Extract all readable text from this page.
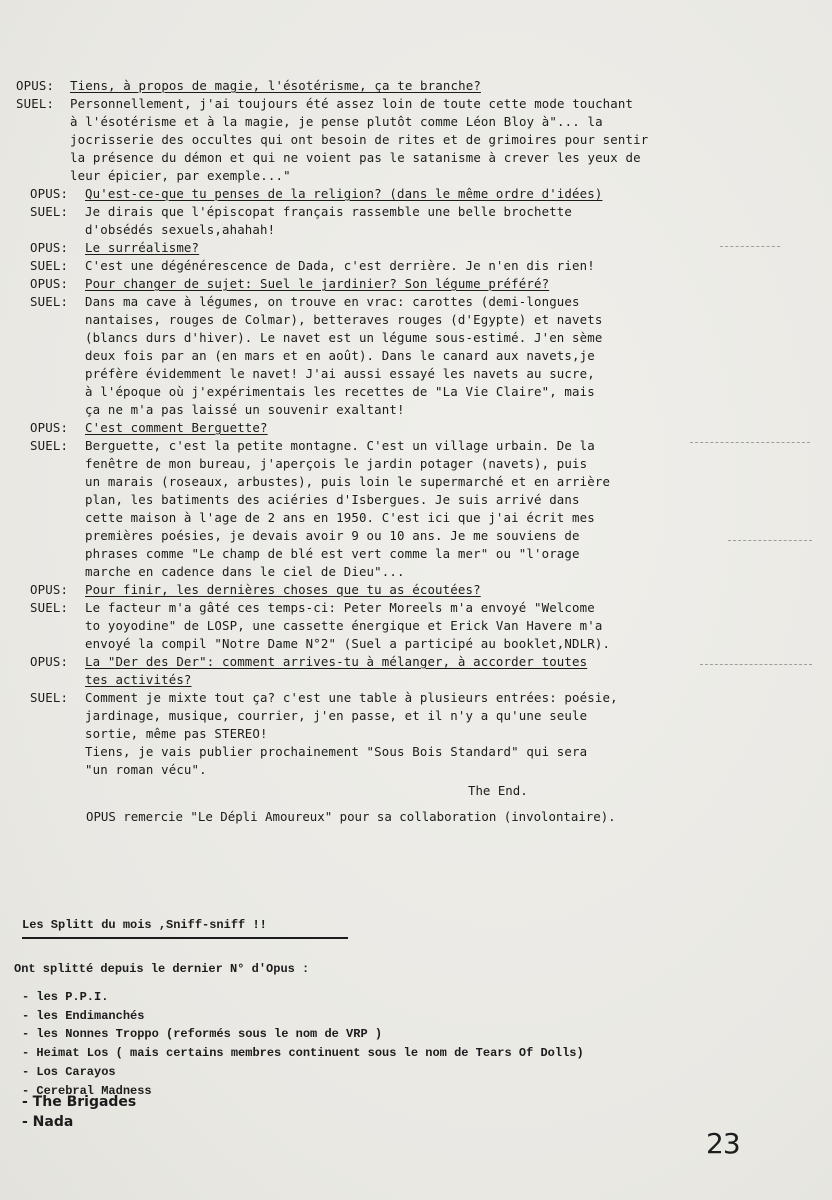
OPUS: Tiens, à propos de magie, l'ésotérisme, ça te branche?
SUEL: Personnellement, j'ai toujours été assez loin de toute cette mode touchant
à l'ésotérisme et à la magie, je pense plutôt comme Léon Bloy à"... la
jocrisserie des occultes qui ont besoin de rites et de grimoires pour sentir
la présence du démon et qui ne voient pas le satanisme à crever les yeux de
leur épicier, par exemple..."
OPUS: Qu'est-ce-que tu penses de la religion? (dans le même ordre d'idées)
SUEL: Je dirais que l'épiscopat français rassemble une belle brochette
d'obsédés sexuels,ahahah!
OPUS: Le surréalisme?
SUEL: C'est une dégénérescence de Dada, c'est derrière. Je n'en dis rien!
OPUS: Pour changer de sujet: Suel le jardinier? Son légume préféré?
SUEL: Dans ma cave à légumes, on trouve en vrac: carottes (demi-longues
nantaises, rouges de Colmar), betteraves rouges (d'Egypte) et navets
(blancs durs d'hiver). Le navet est un légume sous-estimé. J'en sème
deux fois par an (en mars et en août). Dans le canard aux navets,je
préfère évidemment le navet! J'ai aussi essayé les navets au sucre,
à l'époque où j'expérimentais les recettes de "La Vie Claire", mais
ça ne m'a pas laissé un souvenir exaltant!
OPUS: C'est comment Berguette?
SUEL: Berguette, c'est la petite montagne. C'est un village urbain. De la
fenêtre de mon bureau, j'aperçois le jardin potager (navets), puis
un marais (roseaux, arbustes), puis loin le supermarché et en arrière
plan, les batiments des aciéries d'Isbergues. Je suis arrivé dans
cette maison à l'age de 2 ans en 1950. C'est ici que j'ai écrit mes
premières poésies, je devais avoir 9 ou 10 ans. Je me souviens de
phrases comme "Le champ de blé est vert comme la mer" ou "l'orage
marche en cadence dans le ciel de Dieu"...
OPUS: Pour finir, les dernières choses que tu as écoutées?
SUEL: Le facteur m'a gâté ces temps-ci: Peter Moreels m'a envoyé "Welcome
to yoyodine" de LOSP, une cassette énergique et Erick Van Havere m'a
envoyé la compil "Notre Dame N°2" (Suel a participé au booklet,NDLR).
OPUS: La "Der des Der": comment arrives-tu à mélanger, à accorder toutes
tes activités?
SUEL: Comment je mixte tout ça? c'est une table à plusieurs entrées: poésie,
jardinage, musique, courrier, j'en passe, et il n'y a qu'une seule
sortie, même pas STEREO!
Tiens, je vais publier prochainement "Sous Bois Standard" qui sera
"un roman vécu".
The End.
OPUS remercie "Le Dépli Amoureux" pour sa collaboration (involontaire).
Les Splitt du mois ,Sniff-sniff !!
Ont splitté depuis le dernier N° d'Opus :
- les P.P.I.
- les Endimanchés
- les Nonnes Troppo (reformés sous le nom de VRP )
- Heimat Los ( mais certains membres continuent sous le nom de Tears Of Dolls)
- Los Carayos
- Cerebral Madness
- The Brigades
- Nada
23
